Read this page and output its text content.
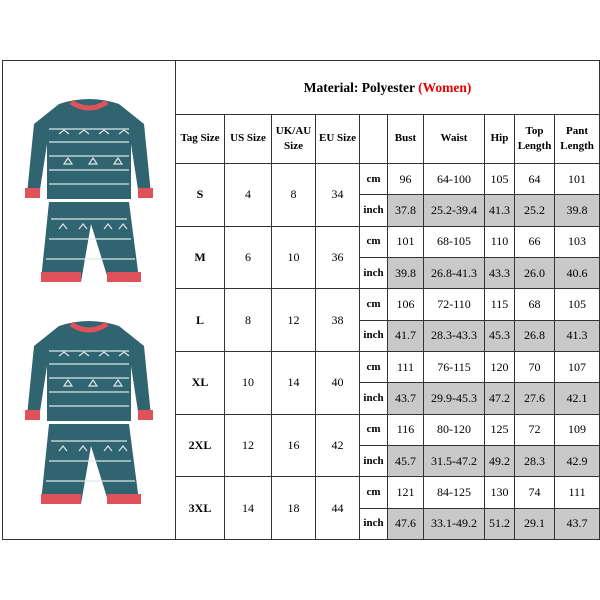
	Material: Polyester (Women)									
	Tag Size	US Size	UK/AU Size	EU Size		Bust	Waist	Hip	Top Length	Pant Length
	S	4	8	34	cm	96	64-100	105	64	101
					inch	37.8	25.2-39.4	41.3	25.2	39.8
	M	6	10	36	cm	101	68-105	110	66	103
					inch	39.8	26.8-41.3	43.3	26.0	40.6
	L	8	12	38	cm	106	72-110	115	68	105
					inch	41.7	28.3-43.3	45.3	26.8	41.3
	XL	10	14	40	cm	111	76-115	120	70	107
					inch	43.7	29.9-45.3	47.2	27.6	42.1
	2XL	12	16	42	cm	116	80-120	125	72	109
					inch	45.7	31.5-47.2	49.2	28.3	42.9
	3XL	14	18	44	cm	121	84-125	130	74	111
					inch	47.6	33.1-49.2	51.2	29.1	43.7
